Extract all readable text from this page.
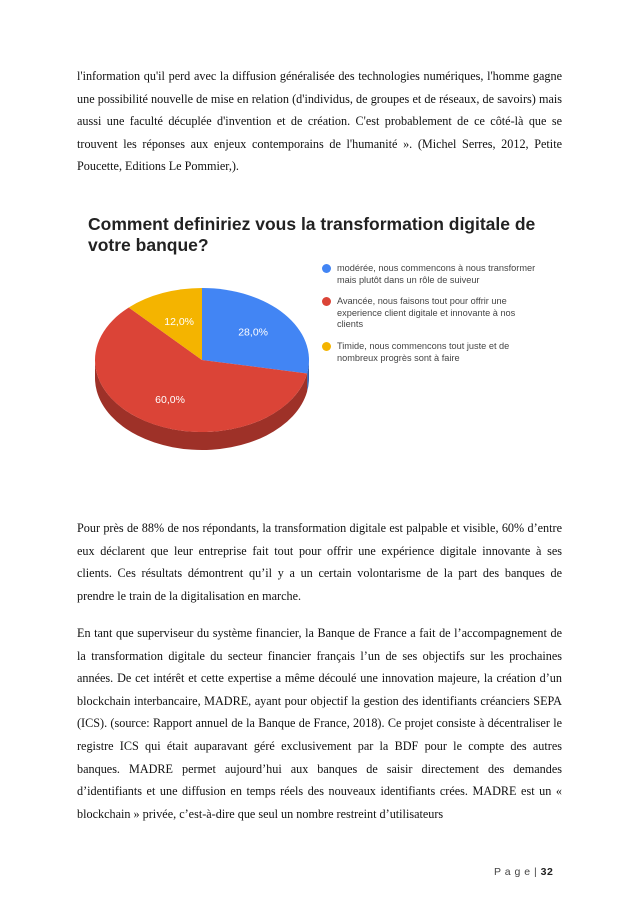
l'information qu'il perd avec la diffusion généralisée des technologies numériques, l'homme gagne une possibilité nouvelle de mise en relation (d'individus, de groupes et de réseaux, de savoirs) mais aussi une faculté décuplée d'invention et de création. C'est probablement de ce côté-là que se trouvent les réponses aux enjeux contemporains de l'humanité ». (Michel Serres, 2012, Petite Poucette, Editions Le Pommier,).

Comment definiriez vous la transformation digitale de votre banque?
28,0%
60,0%
12,0%
modérée, nous commencons à nous transformer mais plutôt dans un rôle de suiveur
Avancée, nous faisons tout pour offrir une experience client digitale et innovante à nos clients
Timide, nous commencons tout juste et de nombreux progrès sont à faire

Pour près de 88% de nos répondants, la transformation digitale est palpable et visible, 60% d’entre eux déclarent que leur entreprise fait tout pour offrir une expérience digitale innovante à ses clients. Ces résultats démontrent qu’il y a un certain volontarisme de la part des banques de prendre le train de la digitalisation en marche.

En tant que superviseur du système financier, la Banque de France a fait de l’accompagnement de la transformation digitale du secteur financier français l’un de ses objectifs sur les prochaines années. De cet intérêt et cette expertise a même découlé une innovation majeure, la création d’un blockchain interbancaire, MADRE, ayant pour objectif la gestion des identifiants créanciers SEPA (ICS). (source: Rapport annuel de la Banque de France, 2018). Ce projet consiste à décentraliser le registre ICS qui était auparavant géré exclusivement par la BDF pour le compte des autres banques. MADRE permet aujourd’hui aux banques de saisir directement des demandes d’identifiants et une diffusion en temps réels des nouveaux identifiants crées. MADRE est un « blockchain » privée, c’est-à-dire que seul un nombre restreint d’utilisateurs

P a g e | 32
